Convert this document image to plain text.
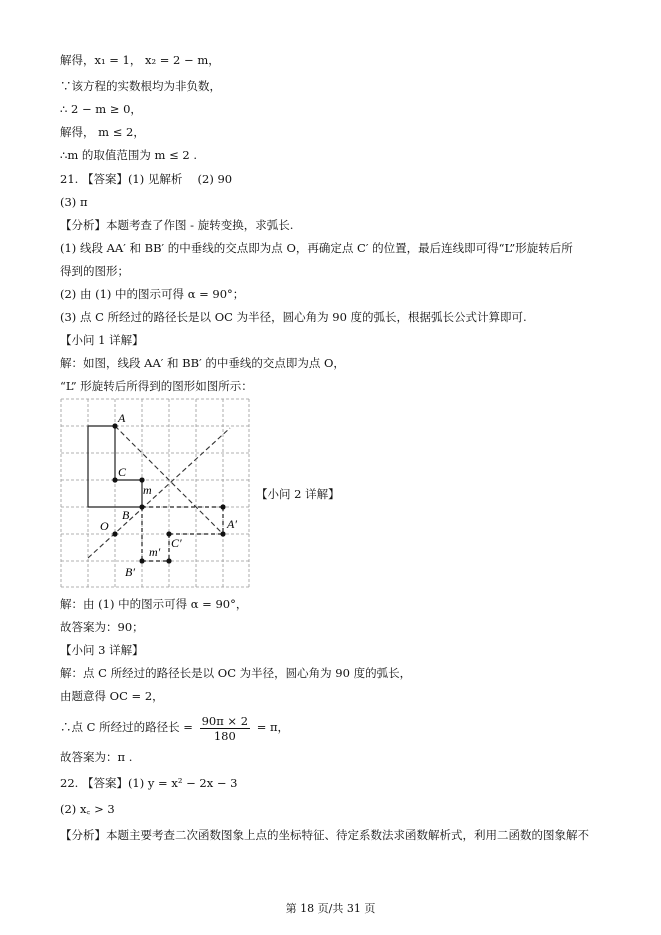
解得，x₁ = 1， x₂ = 2 − m，
∵该方程的实数根均为非负数，
∴ 2 − m ≥ 0，
解得， m ≤ 2，
∴m 的取值范围为 m ≤ 2 .
21. 【答案】(1) 见解析　 (2) 90
(3) π
【分析】本题考查了作图 - 旋转变换，求弧长.
(1) 线段 AA′ 和 BB′ 的中垂线的交点即为点 O，再确定点 C′ 的位置，最后连线即可得“L”形旋转后所
得到的图形；
(2) 由 (1) 中的图示可得 α = 90°；
(3) 点 C 所经过的路径长是以 OC 为半径，圆心角为 90 度的弧长，根据弧长公式计算即可.
【小问 1 详解】
解：如图，线段 AA′ 和 BB′ 的中垂线的交点即为点 O，
“L” 形旋转后所得到的图形如图所示：
A
C
m
B
O	A′
C′
m′
B′
【小问 2 详解】
解：由 (1) 中的图示可得 α = 90°，
故答案为：90；
【小问 3 详解】
解：点 C 所经过的路径长是以 OC 为半径，圆心角为 90 度的弧长，
由题意得 OC = 2，
∴点 C 所经过的路径长 = $\frac{90\pi \times 2}{180} = \pi$，
故答案为：π .
22. 【答案】(1) y = x² − 2x − 3
(2) x꜀ > 3
【分析】本题主要考查二次函数图象上点的坐标特征、待定系数法求函数解析式，利用二函数的图象解不
第 18 页/共 31 页
